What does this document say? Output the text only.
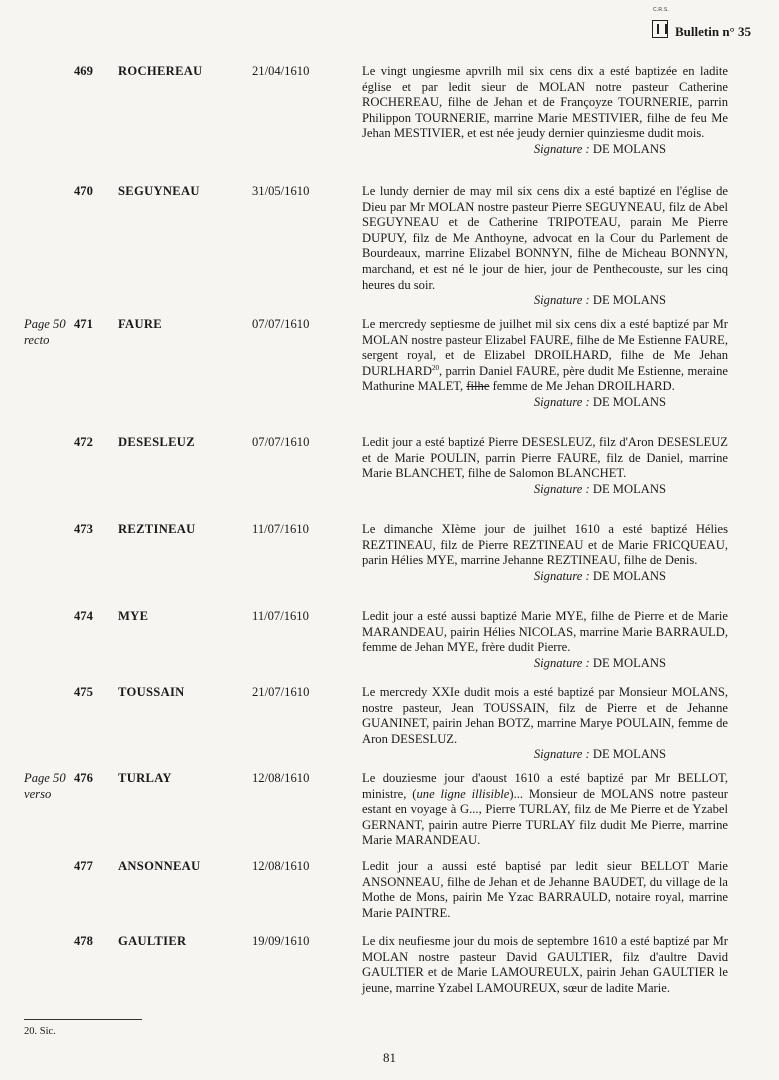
C.R.S.
Bulletin n° 35
469 ROCHEREAU	21/04/1610	Le vingt ungiesme apvrilh mil six cens dix a esté baptizée en ladite église et par ledit sieur de MOLAN notre pasteur Catherine ROCHEREAU, filhe de Jehan et de Françoyze TOURNERIE, parrin Philippon TOURNERIE, marrine Marie MESTIVIER, filhe de feu Me Jehan MESTIVIER, et est née jeudy dernier quinziesme dudit mois.

Signature : DE MOLANS
470 SEGUYNEAU	31/05/1610	Le lundy dernier de may mil six cens dix a esté baptizé en l'église de Dieu par Mr MOLAN nostre pasteur Pierre SEGUYNEAU, filz de Abel SEGUYNEAU et de Catherine TRIPOTEAU, parain Me Pierre DUPUY, filz de Me Anthoyne, advocat en la Cour du Parlement de Bourdeaux, marrine Elizabel BONNYN, filhe de Micheau BONNYN, marchand, et est né le jour de hier, jour de Penthecouste, sur les cinq heures du soir.

Signature : DE MOLANS
Page 50
recto
471 FAURE	07/07/1610	Le mercredy septiesme de juilhet mil six cens dix a esté baptizé par Mr MOLAN nostre pasteur Elizabel FAURE, filhe de Me Estienne FAURE, sergent royal, et de Elizabel DROILHARD, filhe de Me Jehan DURLHARD$^{20}$, parrin Daniel FAURE, père dudit Me Estienne, meraine Mathurine MALET, filhe femme de Me Jehan DROILHARD.

Signature : DE MOLANS
472 DESESLEUZ	07/07/1610	Ledit jour a esté baptizé Pierre DESESLEUZ, filz d'Aron DESESLEUZ et de Marie POULIN, parrin Pierre FAURE, filz de Daniel, marrine Marie BLANCHET, filhe de Salomon BLANCHET.

Signature : DE MOLANS
473 REZTINEAU	11/07/1610	Le dimanche XIème jour de juilhet 1610 a esté baptizé Hélies REZTINEAU, filz de Pierre REZTINEAU et de Marie FRICQUEAU, parin Hélies MYE, marrine Jehanne REZTINEAU, filhe de Denis.

Signature : DE MOLANS
474 MYE	11/07/1610	Ledit jour a esté aussi baptizé Marie MYE, filhe de Pierre et de Marie MARANDEAU, pairin Hélies NICOLAS, marrine Marie BARRAULD, femme de Jehan MYE, frère dudit Pierre.

Signature : DE MOLANS
475 TOUSSAIN	21/07/1610	Le mercredy XXIe dudit mois a esté baptizé par Monsieur MOLANS, nostre pasteur, Jean TOUSSAIN, filz de Pierre et de Jehanne GUANINET, pairin Jehan BOTZ, marrine Marye POULAIN, femme de Aron DESESLUZ.

Signature : DE MOLANS
Page 50
verso
476 TURLAY	12/08/1610	Le douziesme jour d'aoust 1610 a esté baptizé par Mr BELLOT, ministre, (une ligne illisible)... Monsieur de MOLANS notre pasteur estant en voyage à G..., Pierre TURLAY, filz de Me Pierre et de Yzabel GERNANT, pairin autre Pierre TURLAY filz dudit Me Pierre, marrine Marie MARANDEAU.

477 ANSONNEAU	12/08/1610	Ledit jour a aussi esté baptisé par ledit sieur BELLOT Marie ANSONNEAU, filhe de Jehan et de Jehanne BAUDET, du village de la Mothe de Mons, pairin Me Yzac BARRAULD, notaire royal, marrine Marie PAINTRE.

478 GAULTIER	19/09/1610	Le dix neufiesme jour du mois de septembre 1610 a esté baptizé par Mr MOLAN nostre pasteur David GAULTIER, filz d'aultre David GAULTIER et de Marie LAMOUREULX, pairin Jehan GAULTIER le jeune, marrine Yzabel LAMOUREUX, sœur de ladite Marie.

20. Sic.
81
